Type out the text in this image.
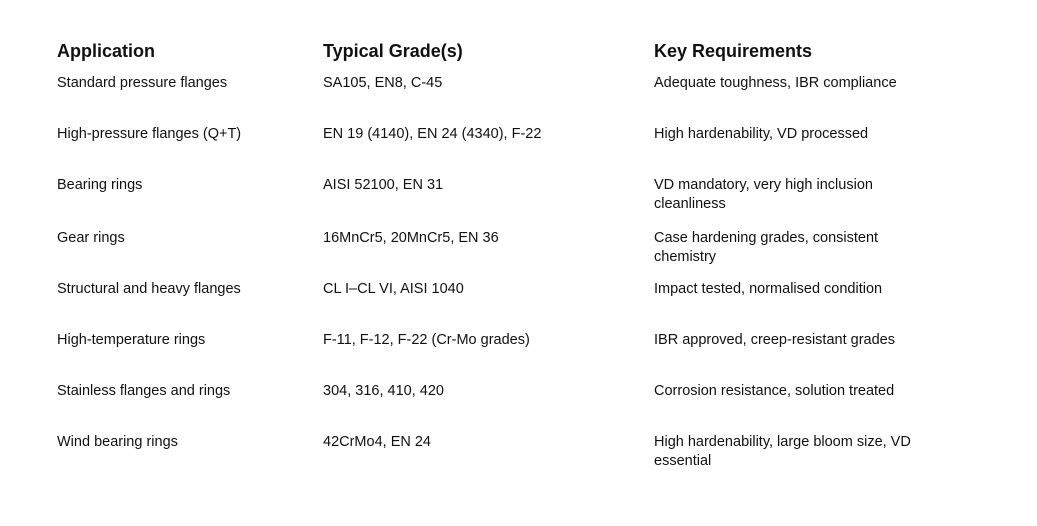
Application	Typical Grade(s)	Key Requirements
Standard pressure flanges	SA105, EN8, C-45	Adequate toughness, IBR compliance
High-pressure flanges (Q+T)	EN 19 (4140), EN 24 (4340), F-22	High hardenability, VD processed
Bearing rings	AISI 52100, EN 31	VD mandatory, very high inclusion cleanliness
Gear rings	16MnCr5, 20MnCr5, EN 36	Case hardening grades, consistent chemistry
Structural and heavy flanges	CL I–CL VI, AISI 1040	Impact tested, normalised condition
High-temperature rings	F-11, F-12, F-22 (Cr-Mo grades)	IBR approved, creep-resistant grades
Stainless flanges and rings	304, 316, 410, 420	Corrosion resistance, solution treated
Wind bearing rings	42CrMo4, EN 24	High hardenability, large bloom size, VD essential
